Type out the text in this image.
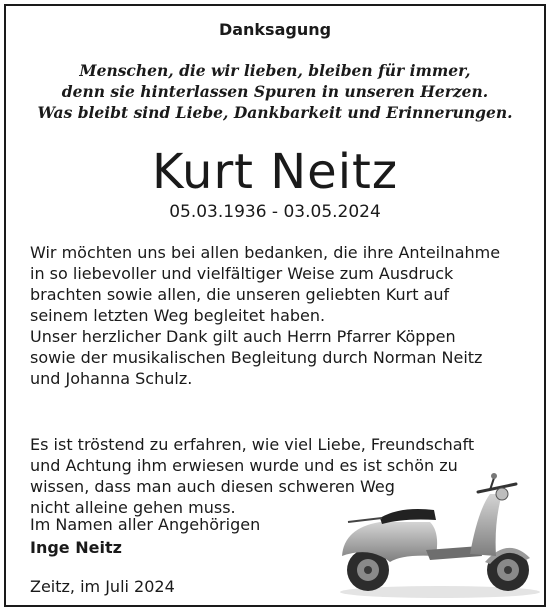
Danksagung
Menschen, die wir lieben, bleiben für immer,
denn sie hinterlassen Spuren in unseren Herzen.
Was bleibt sind Liebe, Dankbarkeit und Erinnerungen.
Kurt Neitz
05.03.1936 - 03.05.2024
Wir möchten uns bei allen bedanken, die ihre Anteilnahme
in so liebevoller und vielfältiger Weise zum Ausdruck
brachten sowie allen, die unseren geliebten Kurt auf
seinem letzten Weg begleitet haben.
Unser herzlicher Dank gilt auch Herrn Pfarrer Köppen
sowie der musikalischen Begleitung durch Norman Neitz
und Johanna Schulz.
Es ist tröstend zu erfahren, wie viel Liebe, Freundschaft
und Achtung ihm erwiesen wurde und es ist schön zu
wissen, dass man auch diesen schweren Weg
nicht alleine gehen muss.
Im Namen aller Angehörigen
Inge Neitz
Zeitz, im Juli 2024
